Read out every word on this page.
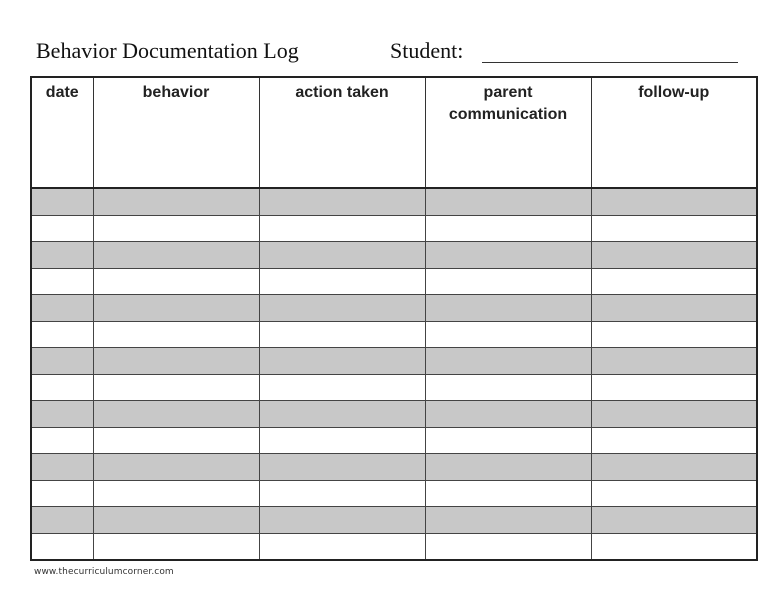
Behavior Documentation Log	Student:
date	behavior	action taken	parent communication	follow-up

www.thecurriculumcorner.com
